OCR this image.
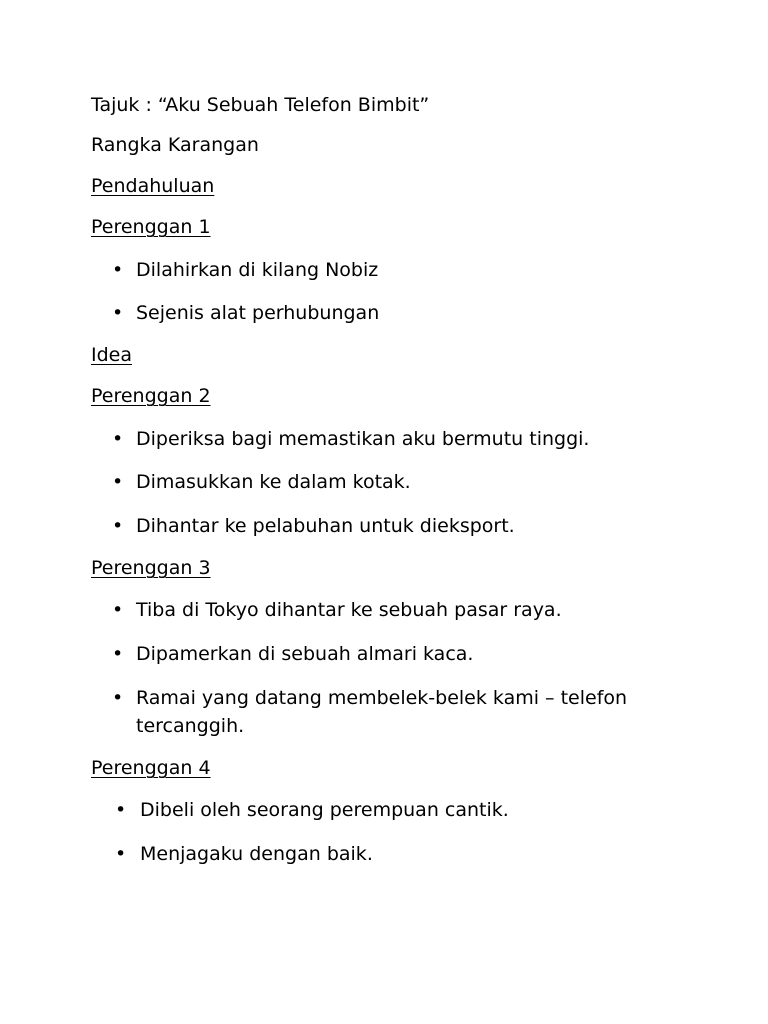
Tajuk : “Aku Sebuah Telefon Bimbit”
Rangka Karangan
Pendahuluan
Perenggan 1
• Dilahirkan di kilang Nobiz
• Sejenis alat perhubungan
Idea
Perenggan 2
• Diperiksa bagi memastikan aku bermutu tinggi.
• Dimasukkan ke dalam kotak.
• Dihantar ke pelabuhan untuk dieksport.
Perenggan 3
• Tiba di Tokyo dihantar ke sebuah pasar raya.
• Dipamerkan di sebuah almari kaca.
• Ramai yang datang membelek-belek kami – telefon tercanggih.
Perenggan 4
• Dibeli oleh seorang perempuan cantik.
• Menjagaku dengan baik.
